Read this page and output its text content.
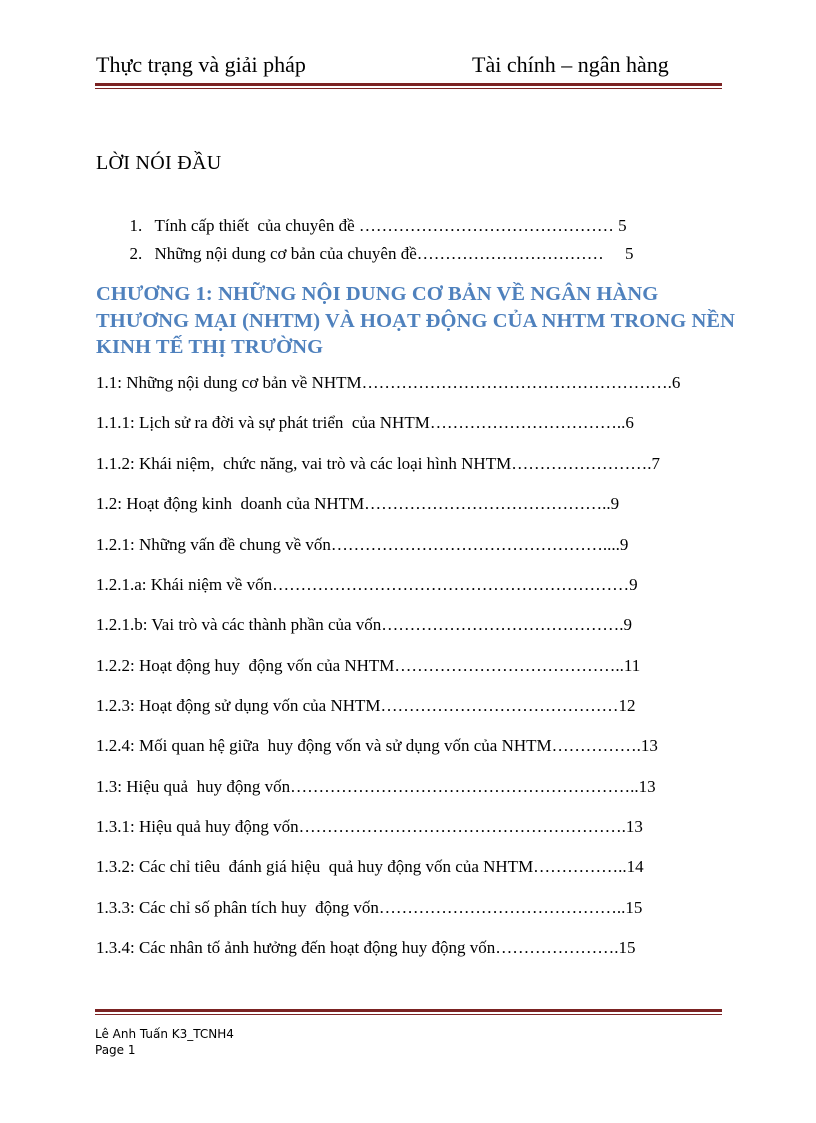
Thực trạng và giải pháp	Tài chính – ngân hàng
LỜI NÓI ĐẦU

1. Tính cấp thiết  của chuyên đề ……………………………………… 5

2. Những nội dung cơ bản của chuyên đề……………………………     5

CHƯƠNG 1: NHỮNG NỘI DUNG CƠ BẢN VỀ NGÂN HÀNG THƯƠNG MẠI (NHTM) VÀ HOẠT ĐỘNG CỦA NHTM TRONG NỀN KINH TẾ THỊ TRƯỜNG
1.1: Những nội dung cơ bản về NHTM……………………………………………….6
1.1.1: Lịch sử ra đời và sự phát triển  của NHTM……………………………..6
1.1.2: Khái niệm,  chức năng, vai trò và các loại hình NHTM…………………….7
1.2: Hoạt động kinh  doanh của NHTM……………………………………..9
1.2.1: Những vấn đề chung về vốn…………………………………………....9
1.2.1.a: Khái niệm về vốn………………………………………………………9
1.2.1.b: Vai trò và các thành phần của vốn…………………………………….9
1.2.2: Hoạt động huy  động vốn của NHTM…………………………………..11
1.2.3: Hoạt động sử dụng vốn của NHTM……………………………………12
1.2.4: Mối quan hệ giữa  huy động vốn và sử dụng vốn của NHTM…………….13
1.3: Hiệu quả  huy động vốn……………………………………………………..13
1.3.1: Hiệu quả huy động vốn………………………………………………….13
1.3.2: Các chỉ tiêu  đánh giá hiệu  quả huy động vốn của NHTM……………..14
1.3.3: Các chỉ số phân tích huy  động vốn……………………………………..15
1.3.4: Các nhân tố ảnh hưởng đến hoạt động huy động vốn………………….15
Lê Anh Tuấn K3_TCNH4
Page 1
